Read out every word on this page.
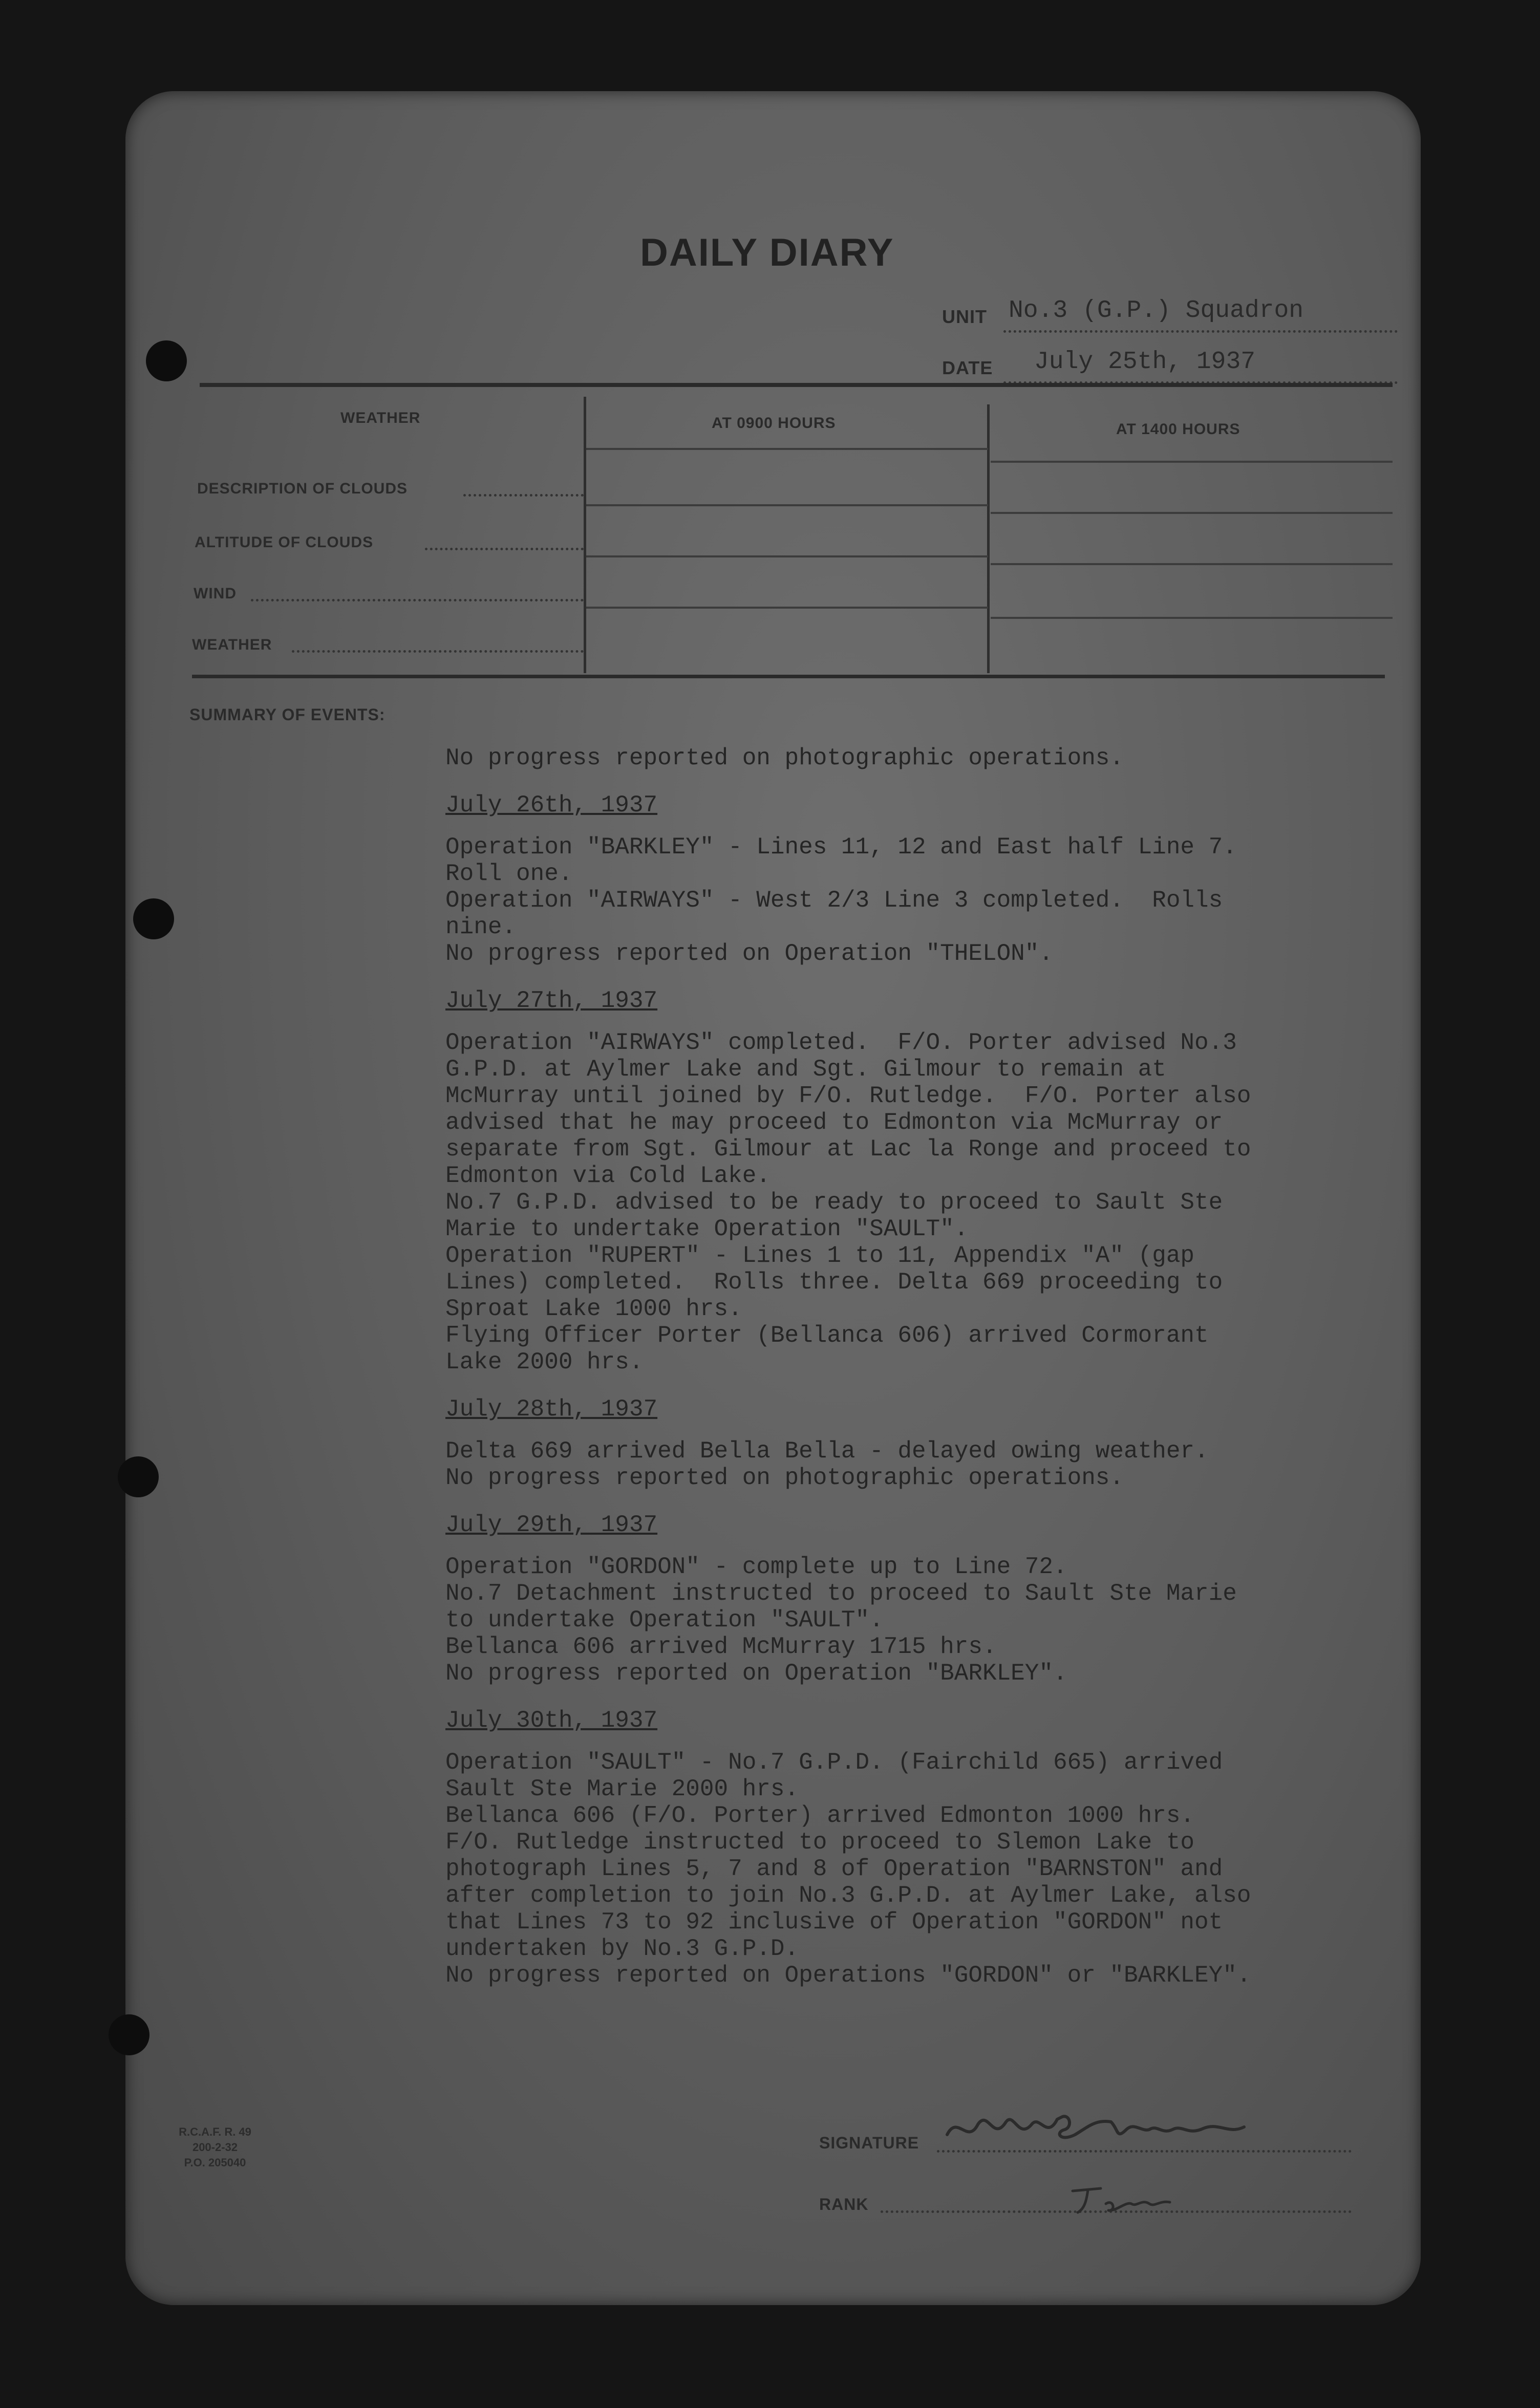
DAILY DIARY
UNIT No.3 (G.P.) Squadron
DATE July 25th, 1937
WEATHER	AT 0900 HOURS	AT 1400 HOURS
DESCRIPTION OF CLOUDS
ALTITUDE OF CLOUDS
WIND
WEATHER
SUMMARY OF EVENTS:
No progress reported on photographic operations.
July 26th, 1937
Operation "BARKLEY" - Lines 11, 12 and East half Line 7.
Roll one.
Operation "AIRWAYS" - West 2/3 Line 3 completed.  Rolls
nine.
No progress reported on Operation "THELON".
July 27th, 1937
Operation "AIRWAYS" completed.  F/O. Porter advised No.3
G.P.D. at Aylmer Lake and Sgt. Gilmour to remain at
McMurray until joined by F/O. Rutledge.  F/O. Porter also
advised that he may proceed to Edmonton via McMurray or
separate from Sgt. Gilmour at Lac la Ronge and proceed to
Edmonton via Cold Lake.
No.7 G.P.D. advised to be ready to proceed to Sault Ste
Marie to undertake Operation "SAULT".
Operation "RUPERT" - Lines 1 to 11, Appendix "A" (gap
Lines) completed.  Rolls three. Delta 669 proceeding to
Sproat Lake 1000 hrs.
Flying Officer Porter (Bellanca 606) arrived Cormorant
Lake 2000 hrs.
July 28th, 1937
Delta 669 arrived Bella Bella - delayed owing weather.
No progress reported on photographic operations.
July 29th, 1937
Operation "GORDON" - complete up to Line 72.
No.7 Detachment instructed to proceed to Sault Ste Marie
to undertake Operation "SAULT".
Bellanca 606 arrived McMurray 1715 hrs.
No progress reported on Operation "BARKLEY".
July 30th, 1937
Operation "SAULT" - No.7 G.P.D. (Fairchild 665) arrived
Sault Ste Marie 2000 hrs.
Bellanca 606 (F/O. Porter) arrived Edmonton 1000 hrs.
F/O. Rutledge instructed to proceed to Slemon Lake to
photograph Lines 5, 7 and 8 of Operation "BARNSTON" and
after completion to join No.3 G.P.D. at Aylmer Lake, also
that Lines 73 to 92 inclusive of Operation "GORDON" not
undertaken by No.3 G.P.D.
No progress reported on Operations "GORDON" or "BARKLEY".
R.C.A.F. R. 49
200-2-32
P.O. 205040
SIGNATURE
RANK
